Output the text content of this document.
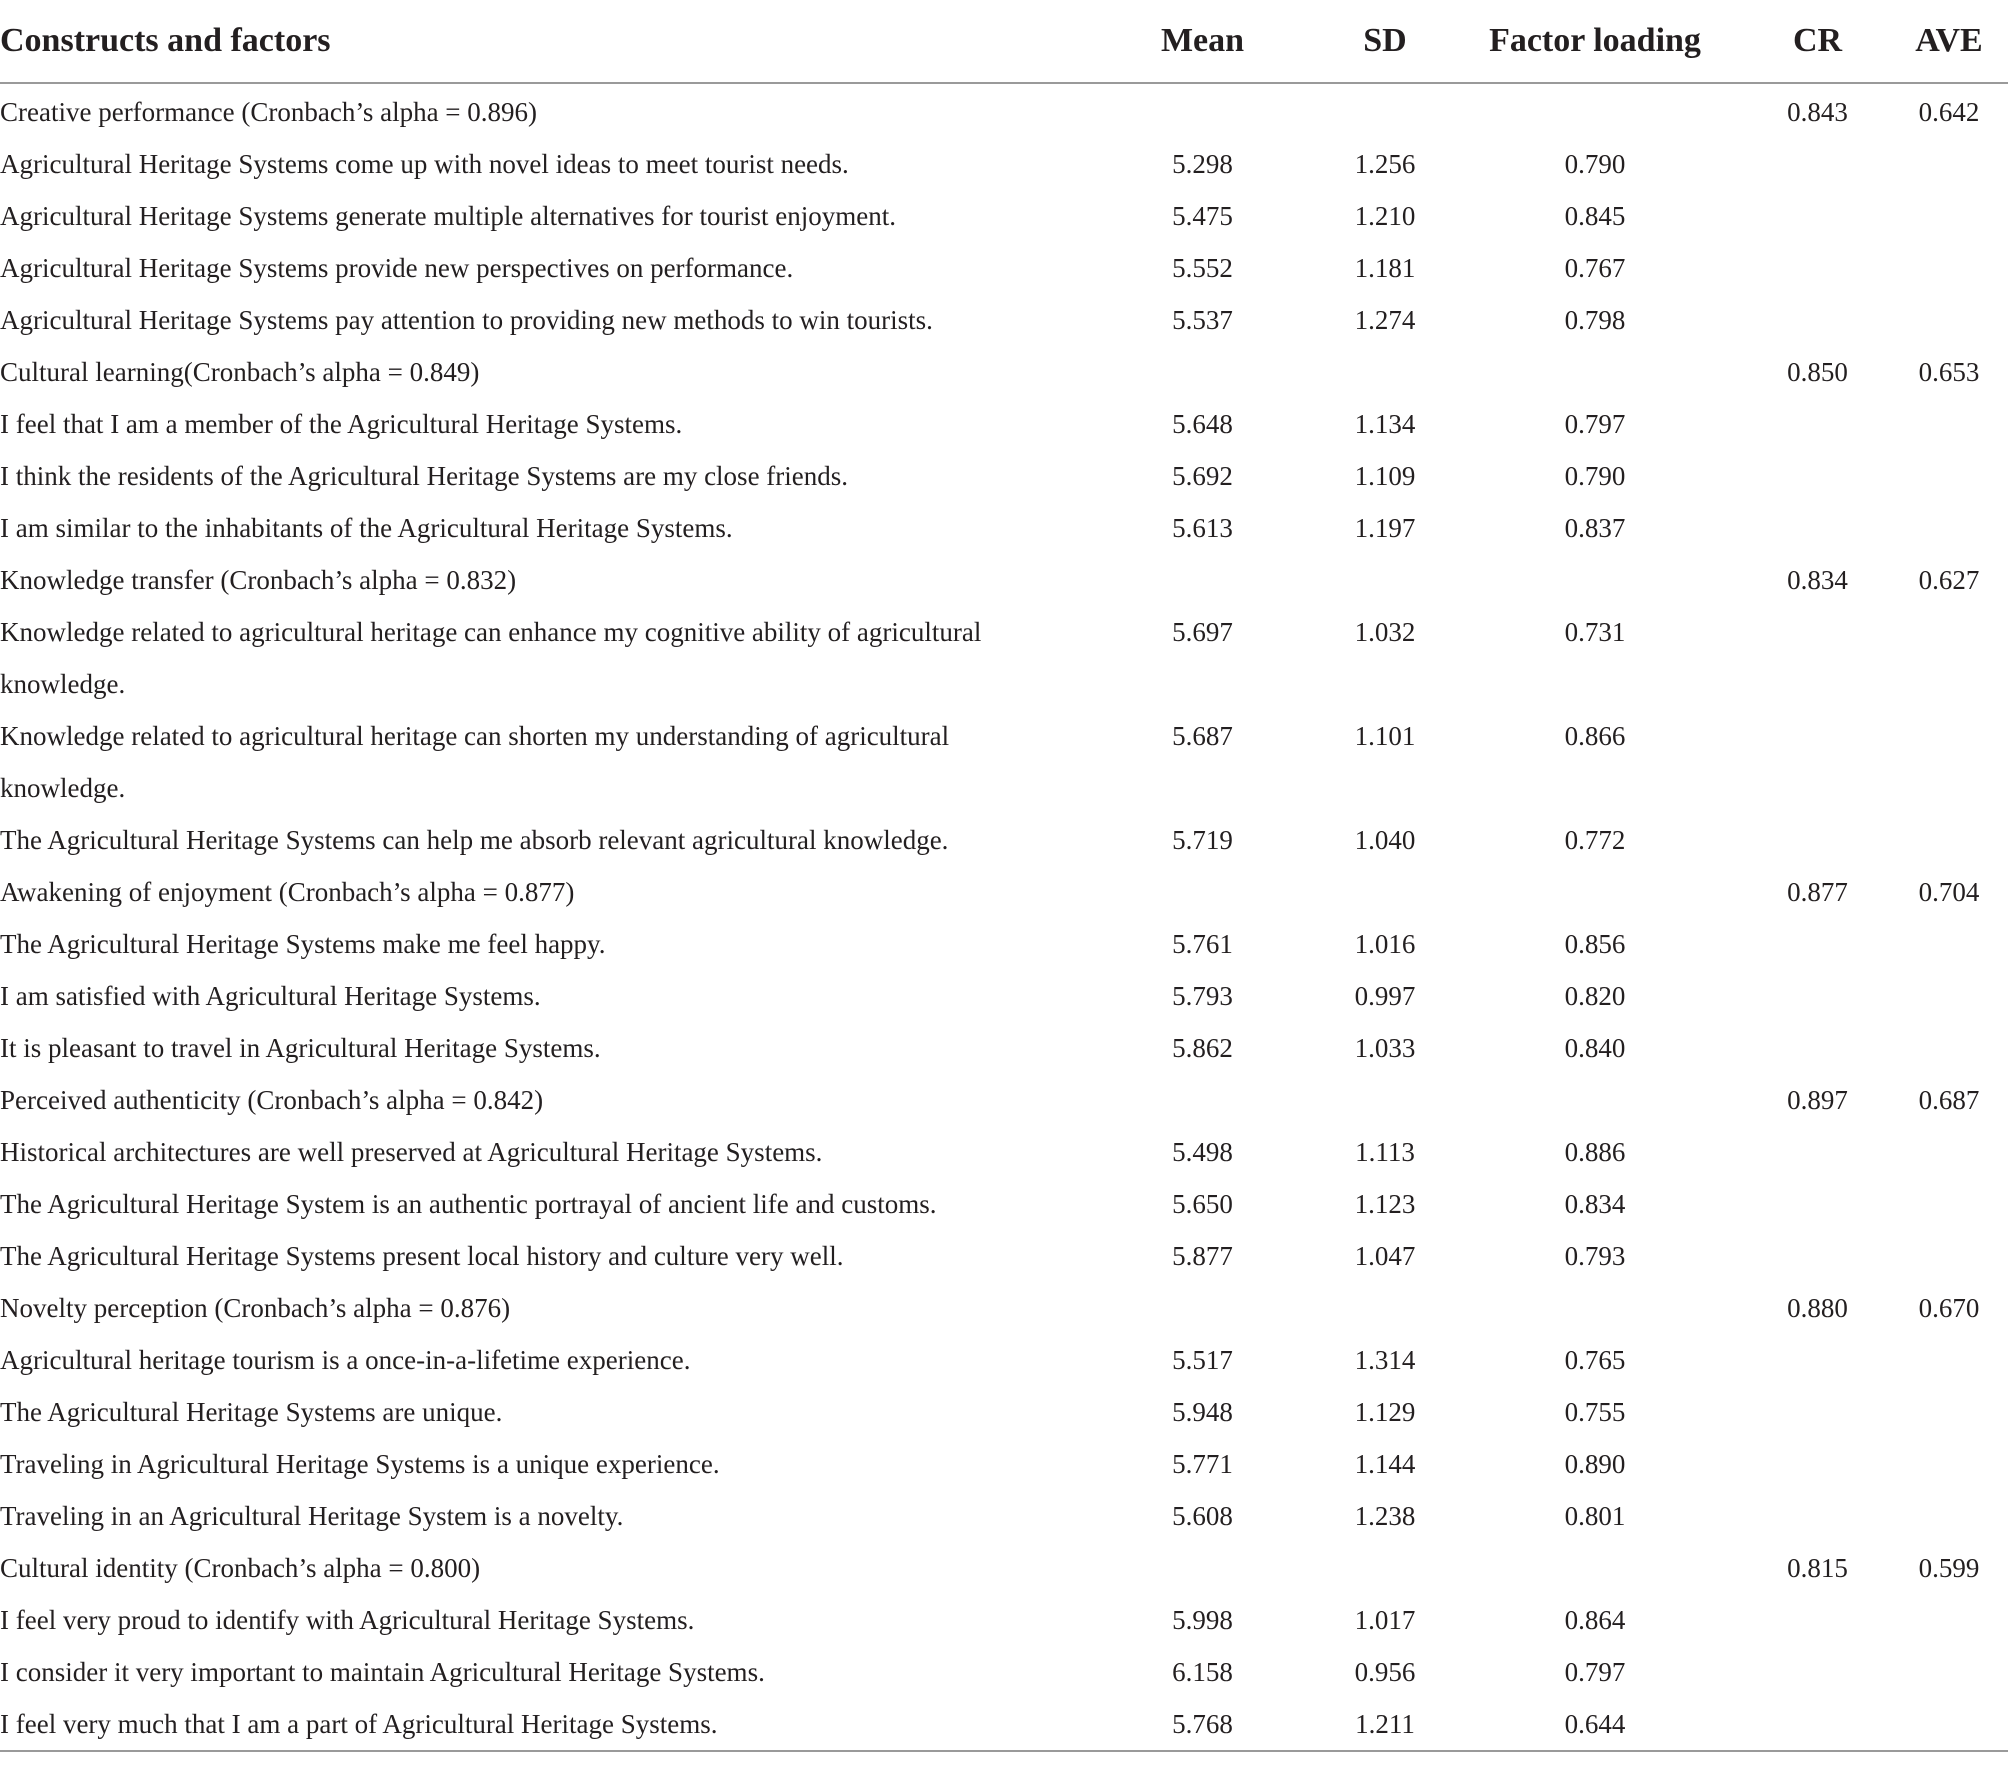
Constructs and factors	Mean	SD	Factor loading	CR	AVE
Creative performance (Cronbach’s alpha = 0.896)				0.843	0.642
Agricultural Heritage Systems come up with novel ideas to meet tourist needs.	5.298	1.256	0.790		
Agricultural Heritage Systems generate multiple alternatives for tourist enjoyment.	5.475	1.210	0.845		
Agricultural Heritage Systems provide new perspectives on performance.	5.552	1.181	0.767		
Agricultural Heritage Systems pay attention to providing new methods to win tourists.	5.537	1.274	0.798		
Cultural learning(Cronbach’s alpha = 0.849)				0.850	0.653
I feel that I am a member of the Agricultural Heritage Systems.	5.648	1.134	0.797		
I think the residents of the Agricultural Heritage Systems are my close friends.	5.692	1.109	0.790		
I am similar to the inhabitants of the Agricultural Heritage Systems.	5.613	1.197	0.837		
Knowledge transfer (Cronbach’s alpha = 0.832)				0.834	0.627
Knowledge related to agricultural heritage can enhance my cognitive ability of agricultural knowledge.	5.697	1.032	0.731		
Knowledge related to agricultural heritage can shorten my understanding of agricultural knowledge.	5.687	1.101	0.866		
The Agricultural Heritage Systems can help me absorb relevant agricultural knowledge.	5.719	1.040	0.772		
Awakening of enjoyment (Cronbach’s alpha = 0.877)				0.877	0.704
The Agricultural Heritage Systems make me feel happy.	5.761	1.016	0.856		
I am satisfied with Agricultural Heritage Systems.	5.793	0.997	0.820		
It is pleasant to travel in Agricultural Heritage Systems.	5.862	1.033	0.840		
Perceived authenticity (Cronbach’s alpha = 0.842)				0.897	0.687
Historical architectures are well preserved at Agricultural Heritage Systems.	5.498	1.113	0.886		
The Agricultural Heritage System is an authentic portrayal of ancient life and customs.	5.650	1.123	0.834		
The Agricultural Heritage Systems present local history and culture very well.	5.877	1.047	0.793		
Novelty perception (Cronbach’s alpha = 0.876)				0.880	0.670
Agricultural heritage tourism is a once-in-a-lifetime experience.	5.517	1.314	0.765		
The Agricultural Heritage Systems are unique.	5.948	1.129	0.755		
Traveling in Agricultural Heritage Systems is a unique experience.	5.771	1.144	0.890		
Traveling in an Agricultural Heritage System is a novelty.	5.608	1.238	0.801		
Cultural identity (Cronbach’s alpha = 0.800)				0.815	0.599
I feel very proud to identify with Agricultural Heritage Systems.	5.998	1.017	0.864		
I consider it very important to maintain Agricultural Heritage Systems.	6.158	0.956	0.797		
I feel very much that I am a part of Agricultural Heritage Systems.	5.768	1.211	0.644		
